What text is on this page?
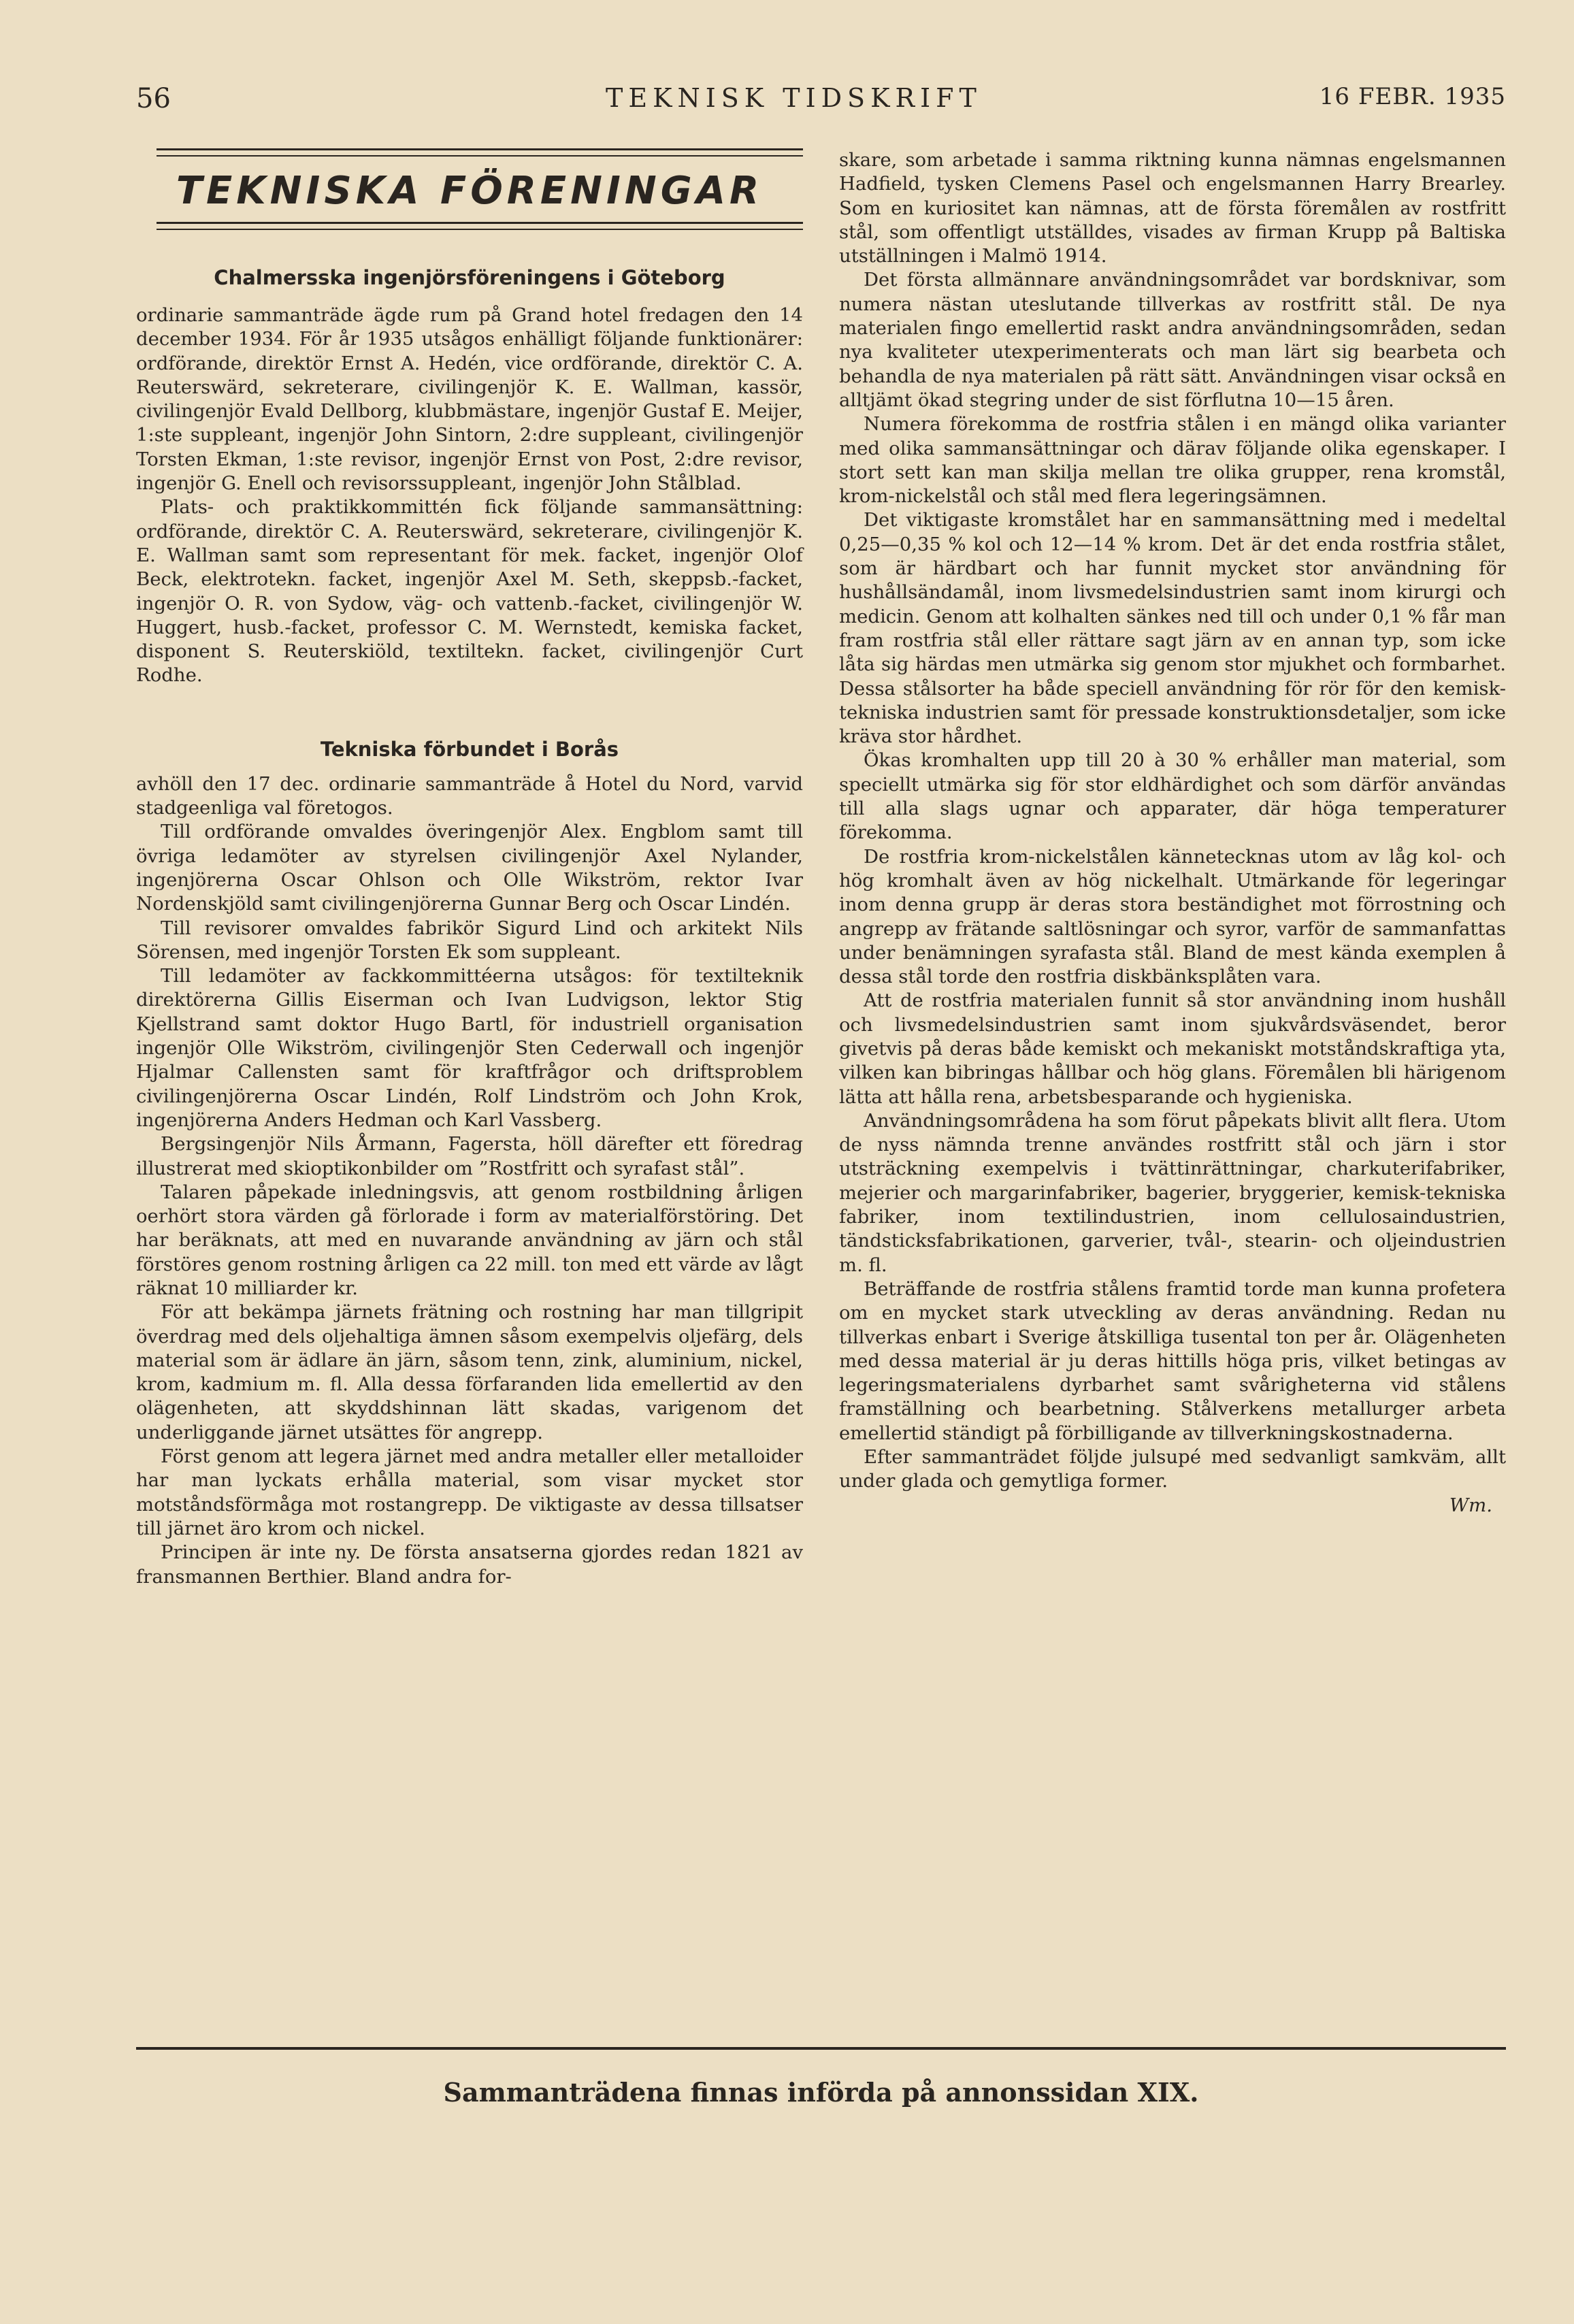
56	TEKNISK TIDSKRIFT	16 FEBR. 1935
TEKNISKA FÖRENINGAR
Chalmersska ingenjörsföreningens i Göteborg

ordinarie sammanträde ägde rum på Grand hotel fredagen den 14 december 1934. För år 1935 utsågos enhälligt följande funktionärer: ordförande, direktör Ernst A. Hedén, vice ordförande, direktör C. A. Reuterswärd, sekreterare, civilingenjör K. E. Wallman, kassör, civilingenjör Evald Dellborg, klubbmästare, ingenjör Gustaf E. Meijer, 1:ste suppleant, ingenjör John Sintorn, 2:dre suppleant, civilingenjör Torsten Ekman, 1:ste revisor, ingenjör Ernst von Post, 2:dre revisor, ingenjör G. Enell och revisorssuppleant, ingenjör John Stålblad.

Plats- och praktikkommittén fick följande sammansättning: ordförande, direktör C. A. Reuterswärd, sekreterare, civilingenjör K. E. Wallman samt som representant för mek. facket, ingenjör Olof Beck, elektrotekn. facket, ingenjör Axel M. Seth, skeppsb.-facket, ingenjör O. R. von Sydow, väg- och vattenb.-facket, civilingenjör W. Huggert, husb.-facket, professor C. M. Wernstedt, kemiska facket, disponent S. Reuterskiöld, textiltekn. facket, civilingenjör Curt Rodhe.

Tekniska förbundet i Borås

avhöll den 17 dec. ordinarie sammanträde å Hotel du Nord, varvid stadgeenliga val företogos.

Till ordförande omvaldes överingenjör Alex. Engblom samt till övriga ledamöter av styrelsen civilingenjör Axel Nylander, ingenjörerna Oscar Ohlson och Olle Wikström, rektor Ivar Nordenskjöld samt civilingenjörerna Gunnar Berg och Oscar Lindén.

Till revisorer omvaldes fabrikör Sigurd Lind och arkitekt Nils Sörensen, med ingenjör Torsten Ek som suppleant.

Till ledamöter av fackkommittéerna utsågos: för textilteknik direktörerna Gillis Eiserman och Ivan Ludvigson, lektor Stig Kjellstrand samt doktor Hugo Bartl, för industriell organisation ingenjör Olle Wikström, civilingenjör Sten Cederwall och ingenjör Hjalmar Callensten samt för kraftfrågor och driftsproblem civilingenjörerna Oscar Lindén, Rolf Lindström och John Krok, ingenjörerna Anders Hedman och Karl Vassberg.

Bergsingenjör Nils Årmann, Fagersta, höll därefter ett föredrag illustrerat med skioptikonbilder om ”Rostfritt och syrafast stål”.

Talaren påpekade inledningsvis, att genom rostbildning årligen oerhört stora värden gå förlorade i form av materialförstöring. Det har beräknats, att med en nuvarande användning av järn och stål förstöres genom rostning årligen ca 22 mill. ton med ett värde av lågt räknat 10 milliarder kr.

För att bekämpa järnets frätning och rostning har man tillgripit överdrag med dels oljehaltiga ämnen såsom exempelvis oljefärg, dels material som är ädlare än järn, såsom tenn, zink, aluminium, nickel, krom, kadmium m. fl. Alla dessa förfaranden lida emellertid av den olägenheten, att skyddshinnan lätt skadas, varigenom det underliggande järnet utsättes för angrepp.

Först genom att legera järnet med andra metaller eller metalloider har man lyckats erhålla material, som visar mycket stor motståndsförmåga mot rostangrepp. De viktigaste av dessa tillsatser till järnet äro krom och nickel.

Principen är inte ny. De första ansatserna gjordes redan 1821 av fransmannen Berthier. Bland andra for-

skare, som arbetade i samma riktning kunna nämnas engelsmannen Hadfield, tysken Clemens Pasel och engelsmannen Harry Brearley. Som en kuriositet kan nämnas, att de första föremålen av rostfritt stål, som offentligt utställdes, visades av firman Krupp på Baltiska utställningen i Malmö 1914.

Det första allmännare användningsområdet var bordsknivar, som numera nästan uteslutande tillverkas av rostfritt stål. De nya materialen fingo emellertid raskt andra användningsområden, sedan nya kvaliteter utexperimenterats och man lärt sig bearbeta och behandla de nya materialen på rätt sätt. Användningen visar också en alltjämt ökad stegring under de sist förflutna 10—15 åren.

Numera förekomma de rostfria stålen i en mängd olika varianter med olika sammansättningar och därav följande olika egenskaper. I stort sett kan man skilja mellan tre olika grupper, rena kromstål, krom-nickelstål och stål med flera legeringsämnen.

Det viktigaste kromstålet har en sammansättning med i medeltal 0,25—0,35 % kol och 12—14 % krom. Det är det enda rostfria stålet, som är härdbart och har funnit mycket stor användning för hushållsändamål, inom livsmedelsindustrien samt inom kirurgi och medicin. Genom att kolhalten sänkes ned till och under 0,1 % får man fram rostfria stål eller rättare sagt järn av en annan typ, som icke låta sig härdas men utmärka sig genom stor mjukhet och formbarhet. Dessa stålsorter ha både speciell användning för rör för den kemisk-tekniska industrien samt för pressade konstruktionsdetaljer, som icke kräva stor hårdhet.

Ökas kromhalten upp till 20 à 30 % erhåller man material, som speciellt utmärka sig för stor eldhärdighet och som därför användas till alla slags ugnar och apparater, där höga temperaturer förekomma.

De rostfria krom-nickelstålen kännetecknas utom av låg kol- och hög kromhalt även av hög nickelhalt. Utmärkande för legeringar inom denna grupp är deras stora beständighet mot förrostning och angrepp av frätande saltlösningar och syror, varför de sammanfattas under benämningen syrafasta stål. Bland de mest kända exemplen å dessa stål torde den rostfria diskbänksplåten vara.

Att de rostfria materialen funnit så stor användning inom hushåll och livsmedelsindustrien samt inom sjukvårdsväsendet, beror givetvis på deras både kemiskt och mekaniskt motståndskraftiga yta, vilken kan bibringas hållbar och hög glans. Föremålen bli härigenom lätta att hålla rena, arbetsbesparande och hygieniska.

Användningsområdena ha som förut påpekats blivit allt flera. Utom de nyss nämnda trenne användes rostfritt stål och järn i stor utsträckning exempelvis i tvättinrättningar, charkuterifabriker, mejerier och margarinfabriker, bagerier, bryggerier, kemisk-tekniska fabriker, inom textilindustrien, inom cellulosaindustrien, tändsticksfabrikationen, garverier, tvål-, stearin- och oljeindustrien m. fl.

Beträffande de rostfria stålens framtid torde man kunna profetera om en mycket stark utveckling av deras användning. Redan nu tillverkas enbart i Sverige åtskilliga tusental ton per år. Olägenheten med dessa material är ju deras hittills höga pris, vilket betingas av legeringsmaterialens dyrbarhet samt svårigheterna vid stålens framställning och bearbetning. Stålverkens metallurger arbeta emellertid ständigt på förbilligande av tillverkningskostnaderna.

Efter sammanträdet följde julsupé med sedvanligt samkväm, allt under glada och gemytliga former.

Wm.

Sammanträdena finnas införda på annonssidan XIX.
